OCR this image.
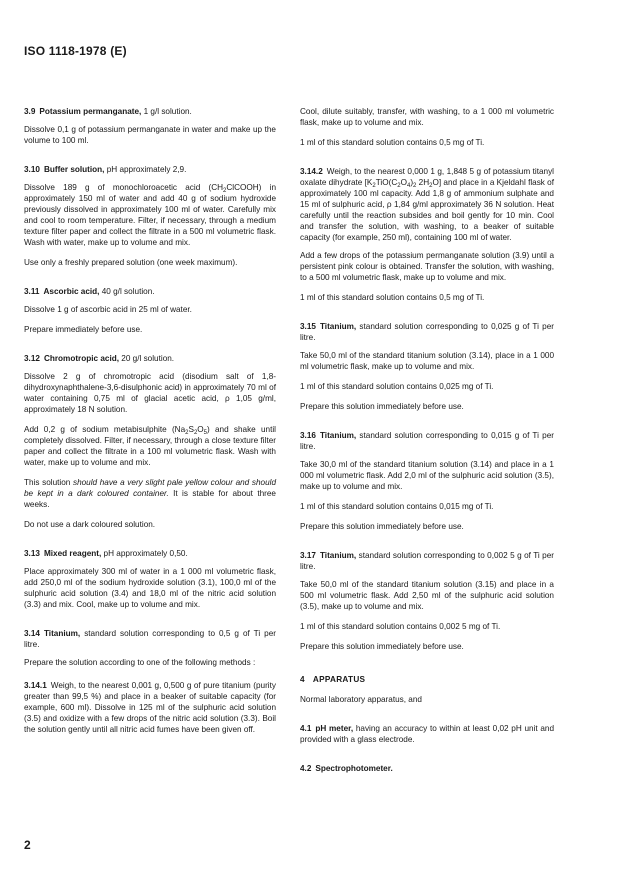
ISO 1118-1978 (E)

3.9 Potassium permanganate, 1 g/l solution.

Dissolve 0,1 g of potassium permanganate in water and make up the volume to 100 ml.

3.10 Buffer solution, pH approximately 2,9.

Dissolve 189 g of monochloroacetic acid $(CH_2ClCOOH)$ in approximately 150 ml of water and add 40 g of sodium hydroxide previously dissolved in approximately 100 ml of water. Carefully mix and cool to room temperature. Filter, if necessary, through a medium texture filter paper and collect the filtrate in a 500 ml volumetric flask. Wash with water, make up to volume and mix.

Use only a freshly prepared solution (one week maximum).

3.11 Ascorbic acid, 40 g/l solution.

Dissolve 1 g of ascorbic acid in 25 ml of water.

Prepare immediately before use.

3.12 Chromotropic acid, 20 g/l solution.

Dissolve 2 g of chromotropic acid (disodium salt of 1,8-dihydroxynaphthalene-3,6-disulphonic acid) in approximately 70 ml of water containing 0,75 ml of glacial acetic acid, ρ 1,05 g/ml, approximately 18 N solution.

Add 0,2 g of sodium metabisulphite $(Na_2S_2O_5)$ and shake until completely dissolved. Filter, if necessary, through a close texture filter paper and collect the filtrate in a 100 ml volumetric flask. Wash with water, make up to volume and mix.

This solution should have a very slight pale yellow colour and should be kept in a dark coloured container. It is stable for about three weeks.

Do not use a dark coloured solution.

3.13 Mixed reagent, pH approximately 0,50.

Place approximately 300 ml of water in a 1 000 ml volumetric flask, add 250,0 ml of the sodium hydroxide solution (3.1), 100,0 ml of the sulphuric acid solution (3.4) and 18,0 ml of the nitric acid solution (3.3) and mix. Cool, make up to volume and mix.

3.14 Titanium, standard solution corresponding to 0,5 g of Ti per litre.

Prepare the solution according to one of the following methods :

3.14.1 Weigh, to the nearest 0,001 g, 0,500 g of pure titanium (purity greater than 99,5 %) and place in a beaker of suitable capacity (for example, 600 ml). Dissolve in 125 ml of the sulphuric acid solution (3.5) and oxidize with a few drops of the nitric acid solution (3.3). Boil the solution gently until all nitric acid fumes have been given off.

Cool, dilute suitably, transfer, with washing, to a 1 000 ml volumetric flask, make up to volume and mix.

1 ml of this standard solution contains 0,5 mg of Ti.

3.14.2 Weigh, to the nearest 0,000 1 g, 1,848 5 g of potassium titanyl oxalate dihydrate [$K_2TiO(C_2O_4)_2$ $2H_2O$] and place in a Kjeldahl flask of approximately 100 ml capacity. Add 1,8 g of ammonium sulphate and 15 ml of sulphuric acid, ρ 1,84 g/ml approximately 36 N solution. Heat carefully until the reaction subsides and boil gently for 10 min. Cool and transfer the solution, with washing, to a beaker of suitable capacity (for example, 250 ml), containing 100 ml of water.

Add a few drops of the potassium permanganate solution (3.9) until a persistent pink colour is obtained. Transfer the solution, with washing, to a 500 ml volumetric flask, make up to volume and mix.

1 ml of this standard solution contains 0,5 mg of Ti.

3.15 Titanium, standard solution corresponding to 0,025 g of Ti per litre.

Take 50,0 ml of the standard titanium solution (3.14), place in a 1 000 ml volumetric flask, make up to volume and mix.

1 ml of this standard solution contains 0,025 mg of Ti.

Prepare this solution immediately before use.

3.16 Titanium, standard solution corresponding to 0,015 g of Ti per litre.

Take 30,0 ml of the standard titanium solution (3.14) and place in a 1 000 ml volumetric flask. Add 2,0 ml of the sulphuric acid solution (3.5), make up to volume and mix.

1 ml of this standard solution contains 0,015 mg of Ti.

Prepare this solution immediately before use.

3.17 Titanium, standard solution corresponding to 0,002 5 g of Ti per litre.

Take 50,0 ml of the standard titanium solution (3.15) and place in a 500 ml volumetric flask. Add 2,50 ml of the sulphuric acid solution (3.5), make up to volume and mix.

1 ml of this standard solution contains 0,002 5 mg of Ti.

Prepare this solution immediately before use.

4 APPARATUS

Normal laboratory apparatus, and

4.1 pH meter, having an accuracy to within at least 0,02 pH unit and provided with a glass electrode.

4.2 Spectrophotometer.

2
